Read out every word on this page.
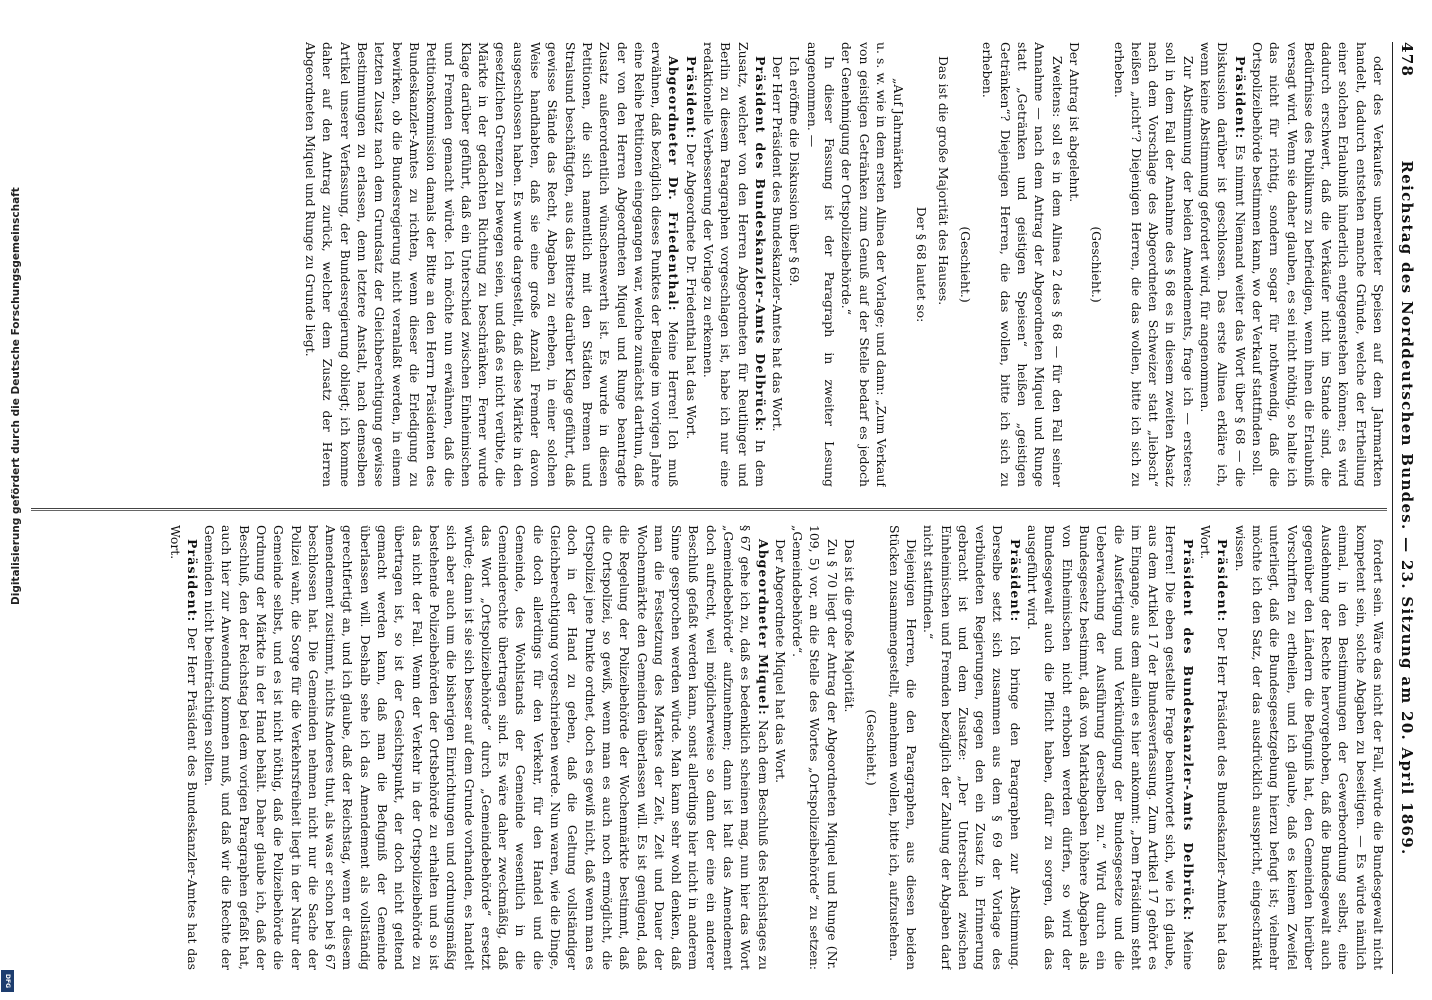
478
Reichstag des Norddeutschen Bundes. — 23. Sitzung am 20. April 1869.

oder des Verkaufes unbereiteter Speisen auf dem Jahrmarkten handelt, dadurch entstehen manche Gründe, welche der Ertheilung einer solchen Erlaubniß hinderlich entgegenstehen können; es wird dadurch erschwert, daß die Verkäufer nicht im Stande sind, die Bedürfnisse des Publikums zu befriedigen, wenn ihnen die Erlaubniß versagt wird. Wenn sie daher glauben, es sei nicht nöthig, so halte ich das nicht für richtig, sondern sogar für nothwendig, daß die Ortspolizeibehörde bestimmen kann, wo der Verkauf stattfinden soll.

Präsident: Es nimmt Niemand weiter das Wort über § 68 — die Diskussion darüber ist geschlossen. Das erste Alinea erkläre ich, wenn keine Abstimmung gefordert wird, für angenommen.

Zur Abstimmung der beiden Amendements, frage ich — ersteres: soll in dem Fall der Annahme des § 68 es in diesem zweiten Absatz nach dem Vorschlage des Abgeordneten Schweizer statt „liebsch“ heißen „nicht“? Diejenigen Herren, die das wollen, bitte ich sich zu erheben.

(Geschieht.)

Der Antrag ist abgelehnt.

Zweitens: soll es in dem Alinea 2 des § 68 — für den Fall seiner Annahme — nach dem Antrag der Abgeordneten Miquel und Runge statt „Getränken und geistigen Speisen“ heißen „geistigen Getränken“? Diejenigen Herren, die das wollen, bitte ich sich zu erheben.

(Geschieht.)

Das ist die große Majorität des Hauses.

Der § 68 lautet so:

„Auf Jahrmärkten

u. s. w. wie in dem ersten Alinea der Vorlage; und dann: „Zum Verkauf von geistigen Getränken zum Genuß auf der Stelle bedarf es jedoch der Genehmigung der Ortspolizeibehörde.“

In dieser Fassung ist der Paragraph in zweiter Lesung angenommen. —

Ich eröffne die Diskussion über § 69.

Der Herr Präsident des Bundeskanzler-Amtes hat das Wort.

Präsident des Bundeskanzler-Amts Delbrück: In dem Zusatz, welcher von den Herren Abgeordneten für Reutlinger und Berlin zu diesem Paragraphen vorgeschlagen ist, habe ich nur eine redaktionelle Verbesserung der Vorlage zu erkennen.

Präsident: Der Abgeordnete Dr. Friedenthal hat das Wort.

Abgeordneter Dr. Friedenthal: Meine Herren! Ich muß erwähnen, daß bezüglich dieses Punktes der Beilage im vorigen Jahre eine Reihe Petitionen eingegangen war, welche zunächst darthun, daß der von den Herren Abgeordneten Miquel und Runge beantragte Zusatz außerordentlich wünschenswerth ist. Es wurde in diesen Petitionen, die sich namentlich mit den Städten Bremen und Stralsund beschäftigten, aus das Bitterste darüber Klage geführt, daß gewisse Stände das Recht, Abgaben zu erheben, in einer solchen Weise handhabten, daß sie eine große Anzahl Fremder davon ausgeschlossen haben. Es wurde dargestellt, daß diese Märkte in den gesetzlichen Grenzen zu bewegen seien, und daß es nicht verübte, die Märkte in der gedachten Richtung zu beschränken. Ferner wurde Klage darüber geführt, daß ein Unterschied zwischen Einheimischen und Fremden gemacht würde. Ich möchte nun erwähnen, daß die Petitionskommission damals der Bitte an den Herrn Präsidenten des Bundeskanzler-Amtes zu richten, wenn dieser die Erledigung zu bewirken, ob die Bundesregierung nicht veranlaßt werden, in einem letzten Zusatz nach dem Grundsatz der Gleichberechtigung gewisse Bestimmungen zu erlassen, denn letztere Anstalt, nach demselben Artikel unserer Verfassung, der Bundesregierung obliegt; ich komme daher auf den Antrag zurück, welcher dem Zusatz der Herren Abgeordneten Miquel und Runge zu Grunde liegt.

fordert sein. Wäre das nicht der Fall, würde die Bundesgewalt nicht kompetent sein, solche Abgaben zu beseitigen. — Es würde nämlich einmal, in den Bestimmungen der Gewerbeordnung selbst, eine Ausdehnung der Rechte hervorgehoben, daß die Bundesgewalt auch gegenüber den Ländern die Befugniß hat, den Gemeinden hierüber Vorschriften zu ertheilen, und ich glaube, daß es keinem Zweifel unterliegt, daß die Bundesgesetzgebung hierzu befugt ist; vielmehr möchte ich den Satz, der das ausdrücklich ausspricht, eingeschränkt wissen.

Präsident: Der Herr Präsident des Bundeskanzler-Amtes hat das Wort.

Präsident des Bundeskanzler-Amts Delbrück: Meine Herren! Die eben gestellte Frage beantwortet sich, wie ich glaube, aus dem Artikel 17 der Bundesverfassung. Zum Artikel 17 gehört es im Eingange, aus dem allein es hier ankommt: „Dem Präsidium steht die Ausfertigung und Verkündigung der Bundesgesetze und die Ueberwachung der Ausführung derselben zu.“ Wird durch ein Bundesgesetz bestimmt, daß von Marktabgaben höhere Abgaben als von Einheimischen nicht erhoben werden dürfen, so wird der Bundesgewalt auch die Pflicht haben, dafür zu sorgen, daß das ausgeführt wird.

Präsident: Ich bringe den Paragraphen zur Abstimmung. Derselbe setzt sich zusammen aus dem § 69 der Vorlage des verbündeten Regierungen, gegen den ein Zusatz in Erinnerung gebracht ist und dem Zusatze: „Der Unterschied zwischen Einheimischen und Fremden bezüglich der Zahlung der Abgaben darf nicht stattfinden.“

Diejenigen Herren, die den Paragraphen, aus diesen beiden Stücken zusammengestellt, annehmen wollen, bitte ich, aufzustehen.

(Geschieht.)

Das ist die große Majorität.

Zu § 70 liegt der Antrag der Abgeordneten Miquel und Runge (Nr. 109, 5) vor, an die Stelle des Wortes „Ortspolizeibehörde“ zu setzen: „Gemeindebehörde“.

Der Abgeordnete Miquel hat das Wort.

Abgeordneter Miquel: Nach dem Beschluß des Reichstages zu § 67 gehe ich zu, daß es bedenklich scheinen mag, nun hier das Wort „Gemeindebehörde“ aufzunehmen; dann ist halt das Amendement doch aufrecht, weil möglicherweise so dann der eine ein anderer Beschluß gefaßt werden kann, sonst allerdings hier nicht in anderem Sinne gesprochen werden würde. Man kann sehr wohl denken, daß man die Festsetzung des Marktes der Zeit, Zeit und Dauer der Wochenmärkte den Gemeinden überlassen will. Es ist genügend, daß die Regelung der Polizeibehörde der Wochenmärkte bestimmt, daß die Ortspolizei, so gewiß, wenn man es auch noch ermöglicht, die Ortspolizei jene Punkte ordnet, doch es gewiß nicht, daß wenn man es doch in der Hand zu geben, daß die Geltung vollständiger Gleichberechtigung vorgeschrieben werde. Nun waren, wie die Dinge, die doch allerdings für den Verkehr, für den Handel und die Gemeinde, des Wohlstands der Gemeinde wesentlich in die Gemeinderechte übertragen sind. Es wäre daher zweckmäßig, daß das Wort „Ortspolizeibehörde“ durch „Gemeindebehörde“ ersetzt würde; dann ist sie sich besser auf dem Grunde vorhanden, es handelt sich aber auch um die bisherigen Einrichtungen und ordnungsmäßig bestehende Polizeibehörden der Ortsbehörde zu erhalten und so ist das nicht der Fall. Wenn der Verkehr in der Ortspolizeibehörde zu übertragen ist, so ist der Gesichtspunkt, der doch nicht geltend gemacht werden kann, daß man die Befugniß der Gemeinde überlassen will. Deshalb sehe ich das Amendement als vollständig gerechtfertigt an, und ich glaube, daß der Reichstag, wenn er diesem Amendement zustimmt, nichts Anderes thut, als was er schon bei § 67 beschlossen hat. Die Gemeinden nehmen nicht nur die Sache der Polizei wahr, die Sorge für die Verkehrsfreiheit liegt in der Natur der Gemeinde selbst, und es ist nicht nöthig, daß die Polizeibehörde die Ordnung der Märkte in der Hand behält. Daher glaube ich, daß der Beschluß, den der Reichstag bei dem vorigen Paragraphen gefaßt hat, auch hier zur Anwendung kommen muß, und daß wir die Rechte der Gemeinden nicht beeinträchtigen sollten.

Präsident: Der Herr Präsident des Bundeskanzler-Amtes hat das Wort.

Digitalisierung gefördert durch die Deutsche Forschungsgemeinschaft
DFG
